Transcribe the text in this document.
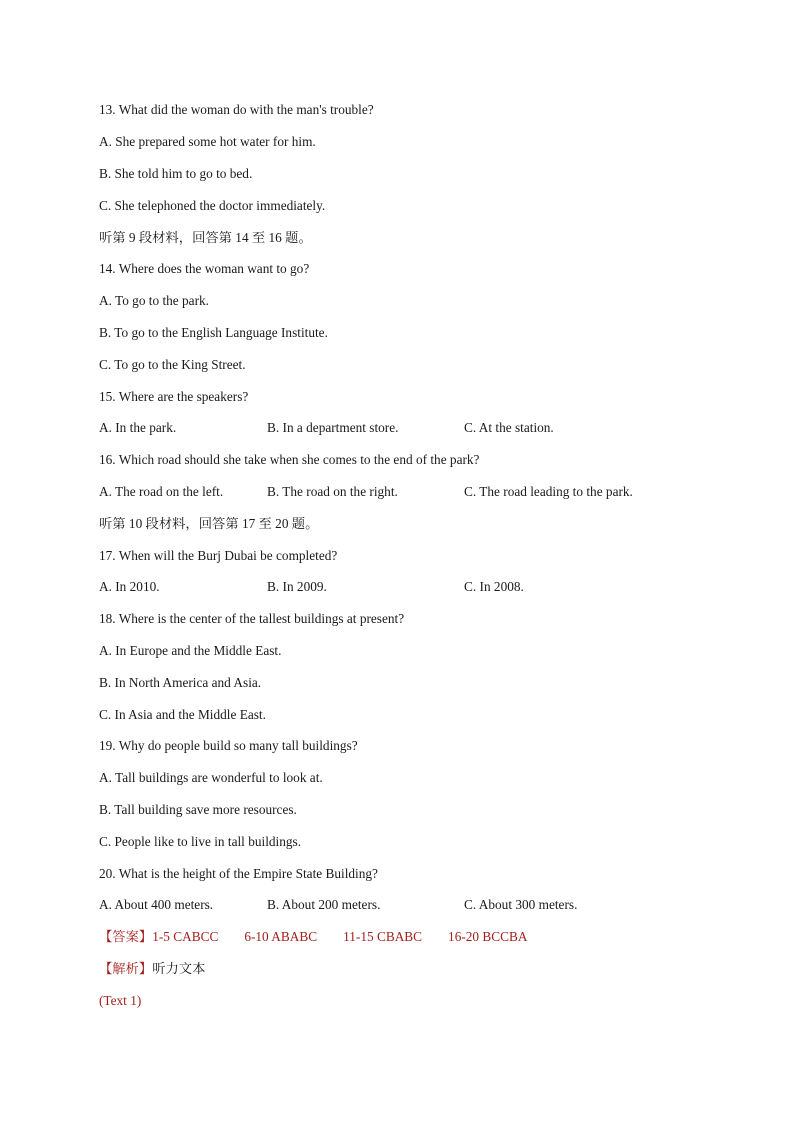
13. What did the woman do with the man's trouble?
A. She prepared some hot water for him.
B. She told him to go to bed.
C. She telephoned the doctor immediately.
听第 9 段材料，回答第 14 至 16 题。
14. Where does the woman want to go?
A. To go to the park.
B. To go to the English Language Institute.
C. To go to the King Street.
15. Where are the speakers?
A. In the park.	B. In a department store.	C. At the station.
16. Which road should she take when she comes to the end of the park?
A. The road on the left.	B. The road on the right.	C. The road leading to the park.
听第 10 段材料，回答第 17 至 20 题。
17. When will the Burj Dubai be completed?
A. In 2010.	B. In 2009.	C. In 2008.
18. Where is the center of the tallest buildings at present?
A. In Europe and the Middle East.
B. In North America and Asia.
C. In Asia and the Middle East.
19. Why do people build so many tall buildings?
A. Tall buildings are wonderful to look at.
B. Tall building save more resources.
C. People like to live in tall buildings.
20. What is the height of the Empire State Building?
A. About 400 meters.	B. About 200 meters.	C. About 300 meters.
【答案】1-5 CABCC 6-10 ABABC 11-15 CBABC 16-20 BCCBA
【解析】听力文本
(Text 1)
